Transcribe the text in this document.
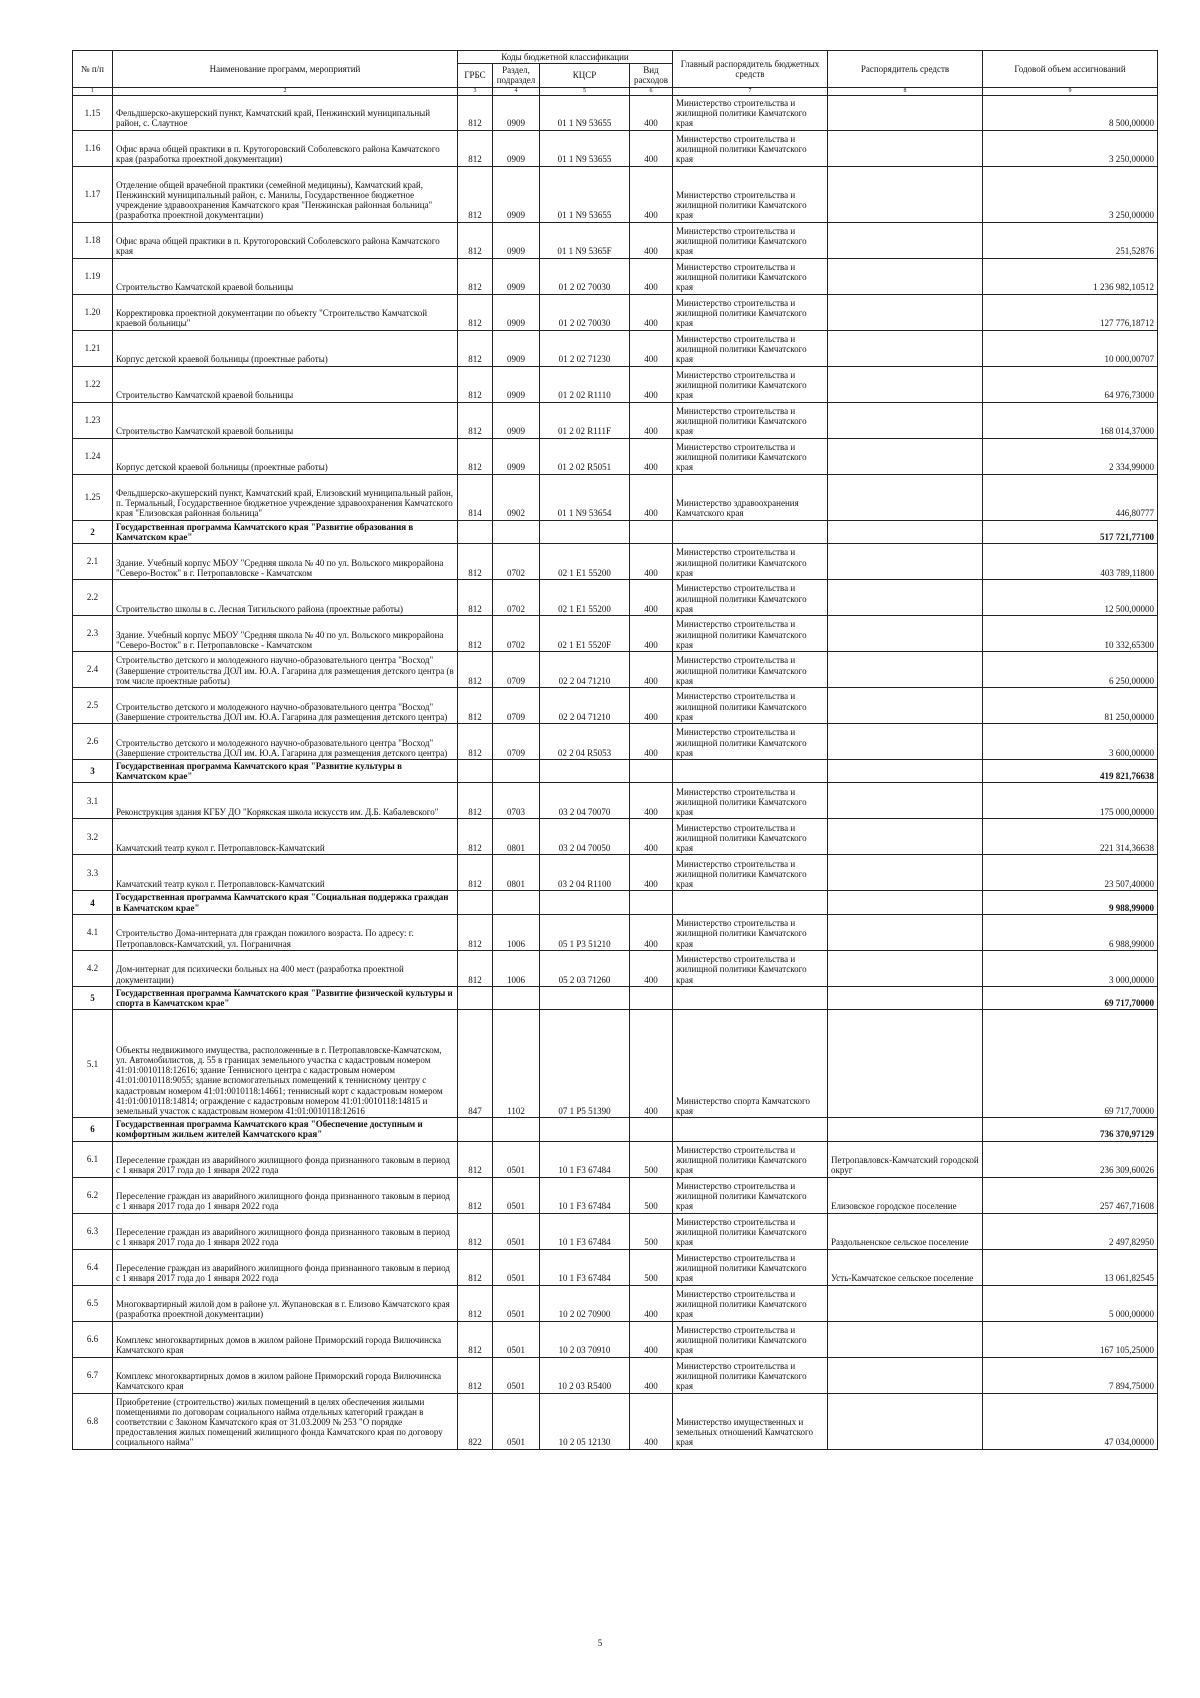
№ п/п	Наименование программ, мероприятий	Коды бюджетной классификации				Главный распорядитель бюджетных средств	Распорядитель средств	Годовой объем ассигнований
		ГРБС	Раздел, подраздел	КЦСР	Вид расходов			
1	2	3	4	5	6	7	8	9
1.15	Фельдшерско-акушерский пункт, Камчатский край, Пенжинский муниципальный район, с. Слаутное	812	0909	01 1 N9 53655	400	Министерство строительства и жилищной политики Камчатского края		8 500,00000
1.16	Офис врача общей практики в п. Крутогоровский Соболевского района Камчатского края (разработка проектной документации)	812	0909	01 1 N9 53655	400	Министерство строительства и жилищной политики Камчатского края		3 250,00000
1.17	Отделение общей врачебной практики (семейной медицины), Камчатский край, Пенжинский муниципальный район, с. Манилы, Государственное бюджетное учреждение здравоохранения Камчатского края "Пенжинская районная больница" (разработка проектной документации)	812	0909	01 1 N9 53655	400	Министерство строительства и жилищной политики Камчатского края		3 250,00000
1.18	Офис врача общей практики в п. Крутогоровский Соболевского района Камчатского края	812	0909	01 1 N9 5365F	400	Министерство строительства и жилищной политики Камчатского края		251,52876
1.19	Строительство Камчатской краевой больницы	812	0909	01 2 02 70030	400	Министерство строительства и жилищной политики Камчатского края		1 236 982,10512
1.20	Корректировка проектной документации по объекту "Строительство Камчатской краевой больницы"	812	0909	01 2 02 70030	400	Министерство строительства и жилищной политики Камчатского края		127 776,18712
1.21	Корпус детской краевой больницы (проектные работы)	812	0909	01 2 02 71230	400	Министерство строительства и жилищной политики Камчатского края		10 000,00707
1.22	Строительство Камчатской краевой больницы	812	0909	01 2 02 R1110	400	Министерство строительства и жилищной политики Камчатского края		64 976,73000
1.23	Строительство Камчатской краевой больницы	812	0909	01 2 02 R111F	400	Министерство строительства и жилищной политики Камчатского края		168 014,37000
1.24	Корпус детской краевой больницы (проектные работы)	812	0909	01 2 02 R5051	400	Министерство строительства и жилищной политики Камчатского края		2 334,99000
1.25	Фельдшерско-акушерский пункт, Камчатский край, Елизовский муниципальный район, п. Термальный, Государственное бюджетное учреждение здравоохранения Камчатского края "Елизовская районная больница"	814	0902	01 1 N9 53654	400	Министерство здравоохранения Камчатского края		446,80777
2	Государственная программа Камчатского края "Развитие образования в Камчатском крае"							517 721,77100
2.1	Здание. Учебный корпус МБОУ "Средняя школа № 40 по ул. Вольского микрорайона "Северо-Восток" в г. Петропавловске - Камчатском	812	0702	02 1 E1 55200	400	Министерство строительства и жилищной политики Камчатского края		403 789,11800
2.2	Строительство школы в с. Лесная Тигильского района (проектные работы)	812	0702	02 1 E1 55200	400	Министерство строительства и жилищной политики Камчатского края		12 500,00000
2.3	Здание. Учебный корпус МБОУ "Средняя школа № 40 по ул. Вольского микрорайона "Северо-Восток" в г. Петропавловске - Камчатском	812	0702	02 1 E1 5520F	400	Министерство строительства и жилищной политики Камчатского края		10 332,65300
2.4	Строительство детского и молодежного научно-образовательного центра "Восход" (Завершение строительства ДОЛ им. Ю.А. Гагарина для размещения детского центра (в том числе проектные работы)	812	0709	02 2 04 71210	400	Министерство строительства и жилищной политики Камчатского края		6 250,00000
2.5	Строительство детского и молодежного научно-образовательного центра "Восход" (Завершение строительства ДОЛ им. Ю.А. Гагарина для размещения детского центра)	812	0709	02 2 04 71210	400	Министерство строительства и жилищной политики Камчатского края		81 250,00000
2.6	Строительство детского и молодежного научно-образовательного центра "Восход" (Завершение строительства ДОЛ им. Ю.А. Гагарина для размещения детского центра)	812	0709	02 2 04 R5053	400	Министерство строительства и жилищной политики Камчатского края		3 600,00000
3	Государственная программа Камчатского края "Развитие культуры в Камчатском крае"							419 821,76638
3.1	Реконструкция здания КГБУ ДО "Корякская школа искусств им. Д.Б. Кабалевского"	812	0703	03 2 04 70070	400	Министерство строительства и жилищной политики Камчатского края		175 000,00000
3.2	Камчатский театр кукол г. Петропавловск-Камчатский	812	0801	03 2 04 70050	400	Министерство строительства и жилищной политики Камчатского края		221 314,36638
3.3	Камчатский театр кукол г. Петропавловск-Камчатский	812	0801	03 2 04 R1100	400	Министерство строительства и жилищной политики Камчатского края		23 507,40000
4	Государственная программа Камчатского края "Социальная поддержка граждан в Камчатском крае"							9 988,99000
4.1	Строительство Дома-интерната для граждан пожилого возраста. По адресу: г. Петропавловск-Камчатский, ул. Пограничная	812	1006	05 1 P3 51210	400	Министерство строительства и жилищной политики Камчатского края		6 988,99000
4.2	Дом-интернат для психически больных на 400 мест (разработка проектной документации)	812	1006	05 2 03 71260	400	Министерство строительства и жилищной политики Камчатского края		3 000,00000
5	Государственная программа Камчатского края "Развитие физической культуры и спорта в Камчатском крае"							69 717,70000
5.1	Объекты недвижимого имущества, расположенные в г. Петропавловске-Камчатском, ул. Автомобилистов, д. 55 в границах земельного участка с кадастровым номером 41:01:0010118:12616; здание Теннисного центра с кадастровым номером 41:01:0010118:9055; здание вспомогательных помещений к теннисному центру с кадастровым номером 41:01:0010118:14661; теннисный корт с кадастровым номером 41:01:0010118:14814; ограждение с кадастровым номером 41:01:0010118:14815 и земельный участок с кадастровым номером 41:01:0010118:12616	847	1102	07 1 P5 51390	400	Министерство спорта Камчатского края		69 717,70000
6	Государственная программа Камчатского края "Обеспечение доступным и комфортным жильем жителей Камчатского края"							736 370,97129
6.1	Переселение граждан из аварийного жилищного фонда признанного таковым в период с 1 января 2017 года до 1 января 2022 года	812	0501	10 1 F3 67484	500	Министерство строительства и жилищной политики Камчатского края	Петропавловск-Камчатский городской округ	236 309,60026
6.2	Переселение граждан из аварийного жилищного фонда признанного таковым в период с 1 января 2017 года до 1 января 2022 года	812	0501	10 1 F3 67484	500	Министерство строительства и жилищной политики Камчатского края	Елизовское городское поселение	257 467,71608
6.3	Переселение граждан из аварийного жилищного фонда признанного таковым в период с 1 января 2017 года до 1 января 2022 года	812	0501	10 1 F3 67484	500	Министерство строительства и жилищной политики Камчатского края	Раздольненское сельское поселение	2 497,82950
6.4	Переселение граждан из аварийного жилищного фонда признанного таковым в период с 1 января 2017 года до 1 января 2022 года	812	0501	10 1 F3 67484	500	Министерство строительства и жилищной политики Камчатского края	Усть-Камчатское сельское поселение	13 061,82545
6.5	Многоквартирный жилой дом в районе ул. Жупановская в г. Елизово Камчатского края (разработка проектной документации)	812	0501	10 2 02 70900	400	Министерство строительства и жилищной политики Камчатского края		5 000,00000
6.6	Комплекс многоквартирных домов в жилом районе Приморский города Вилючинска Камчатского края	812	0501	10 2 03 70910	400	Министерство строительства и жилищной политики Камчатского края		167 105,25000
6.7	Комплекс многоквартирных домов в жилом районе Приморский города Вилючинска Камчатского края	812	0501	10 2 03 R5400	400	Министерство строительства и жилищной политики Камчатского края		7 894,75000
6.8	Приобретение (строительство) жилых помещений в целях обеспечения жилыми помещениями по договорам социального найма отдельных категорий граждан в соответствии с Законом Камчатского края от 31.03.2009 № 253 "О порядке предоставления жилых помещений жилищного фонда Камчатского края по договору социального найма"	822	0501	10 2 05 12130	400	Министерство имущественных и земельных отношений Камчатского края		47 034,00000
5
